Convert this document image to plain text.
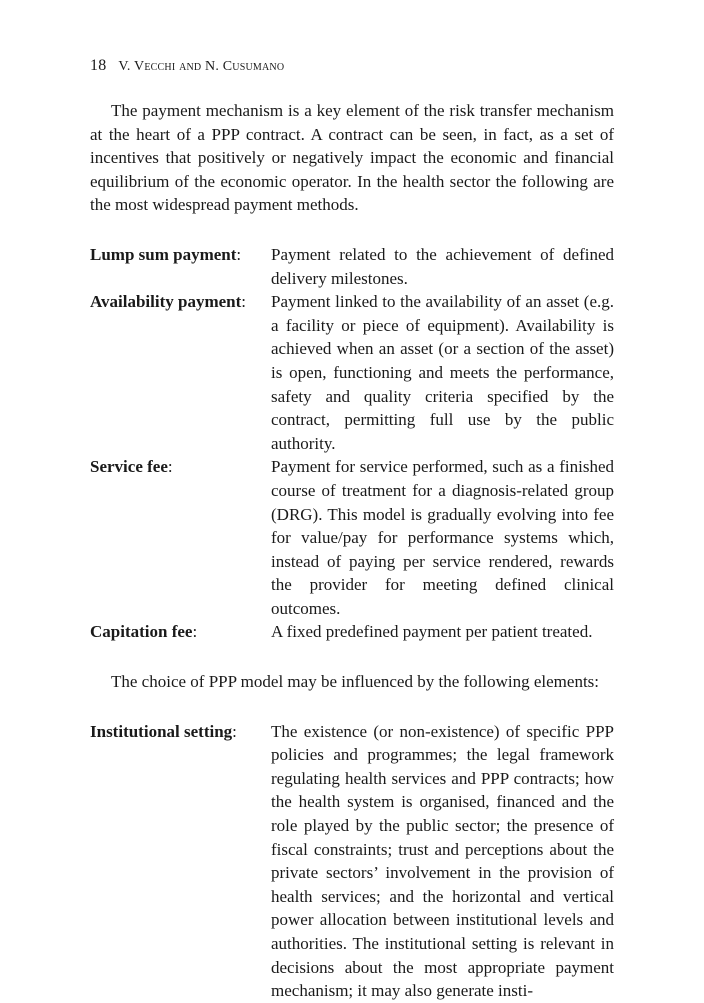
18 V. Vecchi and N. Cusumano

The payment mechanism is a key element of the risk transfer mechanism at the heart of a PPP contract. A contract can be seen, in fact, as a set of incentives that positively or negatively impact the economic and financial equilibrium of the economic operator. In the health sector the following are the most widespread payment methods.

Lump sum payment:	Payment related to the achievement of defined delivery milestones.
Availability payment:	Payment linked to the availability of an asset (e.g. a facility or piece of equipment). Availability is achieved when an asset (or a section of the asset) is open, functioning and meets the performance, safety and quality criteria specified by the contract, permitting full use by the public authority.
Service fee:	Payment for service performed, such as a finished course of treatment for a diagnosis-related group (DRG). This model is gradually evolving into fee for value/pay for performance systems which, instead of paying per service rendered, rewards the provider for meeting defined clinical outcomes.
Capitation fee:	A fixed predefined payment per patient treated.

The choice of PPP model may be influenced by the following elements:

Institutional setting:	The existence (or non-existence) of specific PPP policies and programmes; the legal framework regulating health services and PPP contracts; how the health system is organised, financed and the role played by the public sector; the presence of fiscal constraints; trust and perceptions about the private sectors’ involvement in the provision of health services; and the horizontal and vertical power allocation between institutional levels and authorities. The institutional setting is relevant in decisions about the most appropriate payment mechanism; it may also generate insti-
